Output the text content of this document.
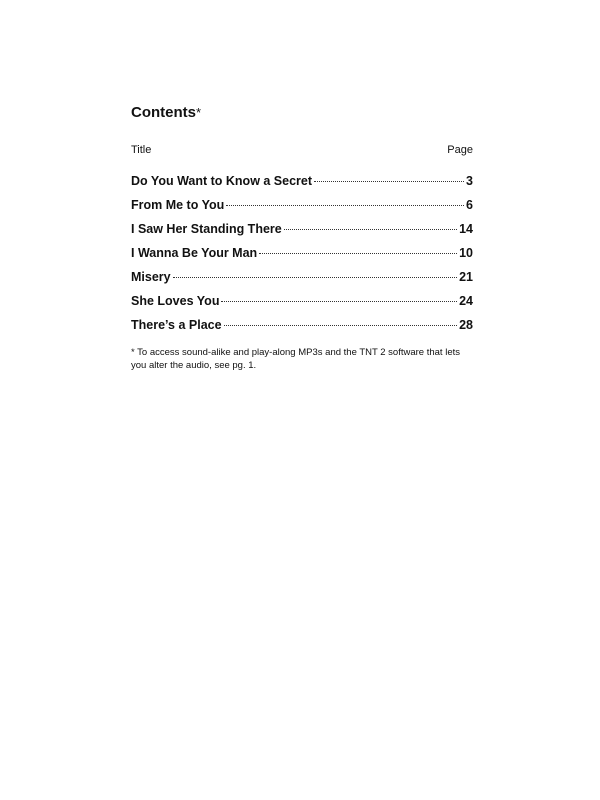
Contents*
Title	Page
Do You Want to Know a Secret	3
From Me to You	6
I Saw Her Standing There	14
I Wanna Be Your Man	10
Misery	21
She Loves You	24
There’s a Place	28

* To access sound-alike and play-along MP3s and the TNT 2 software that lets you alter the audio, see pg. 1.
